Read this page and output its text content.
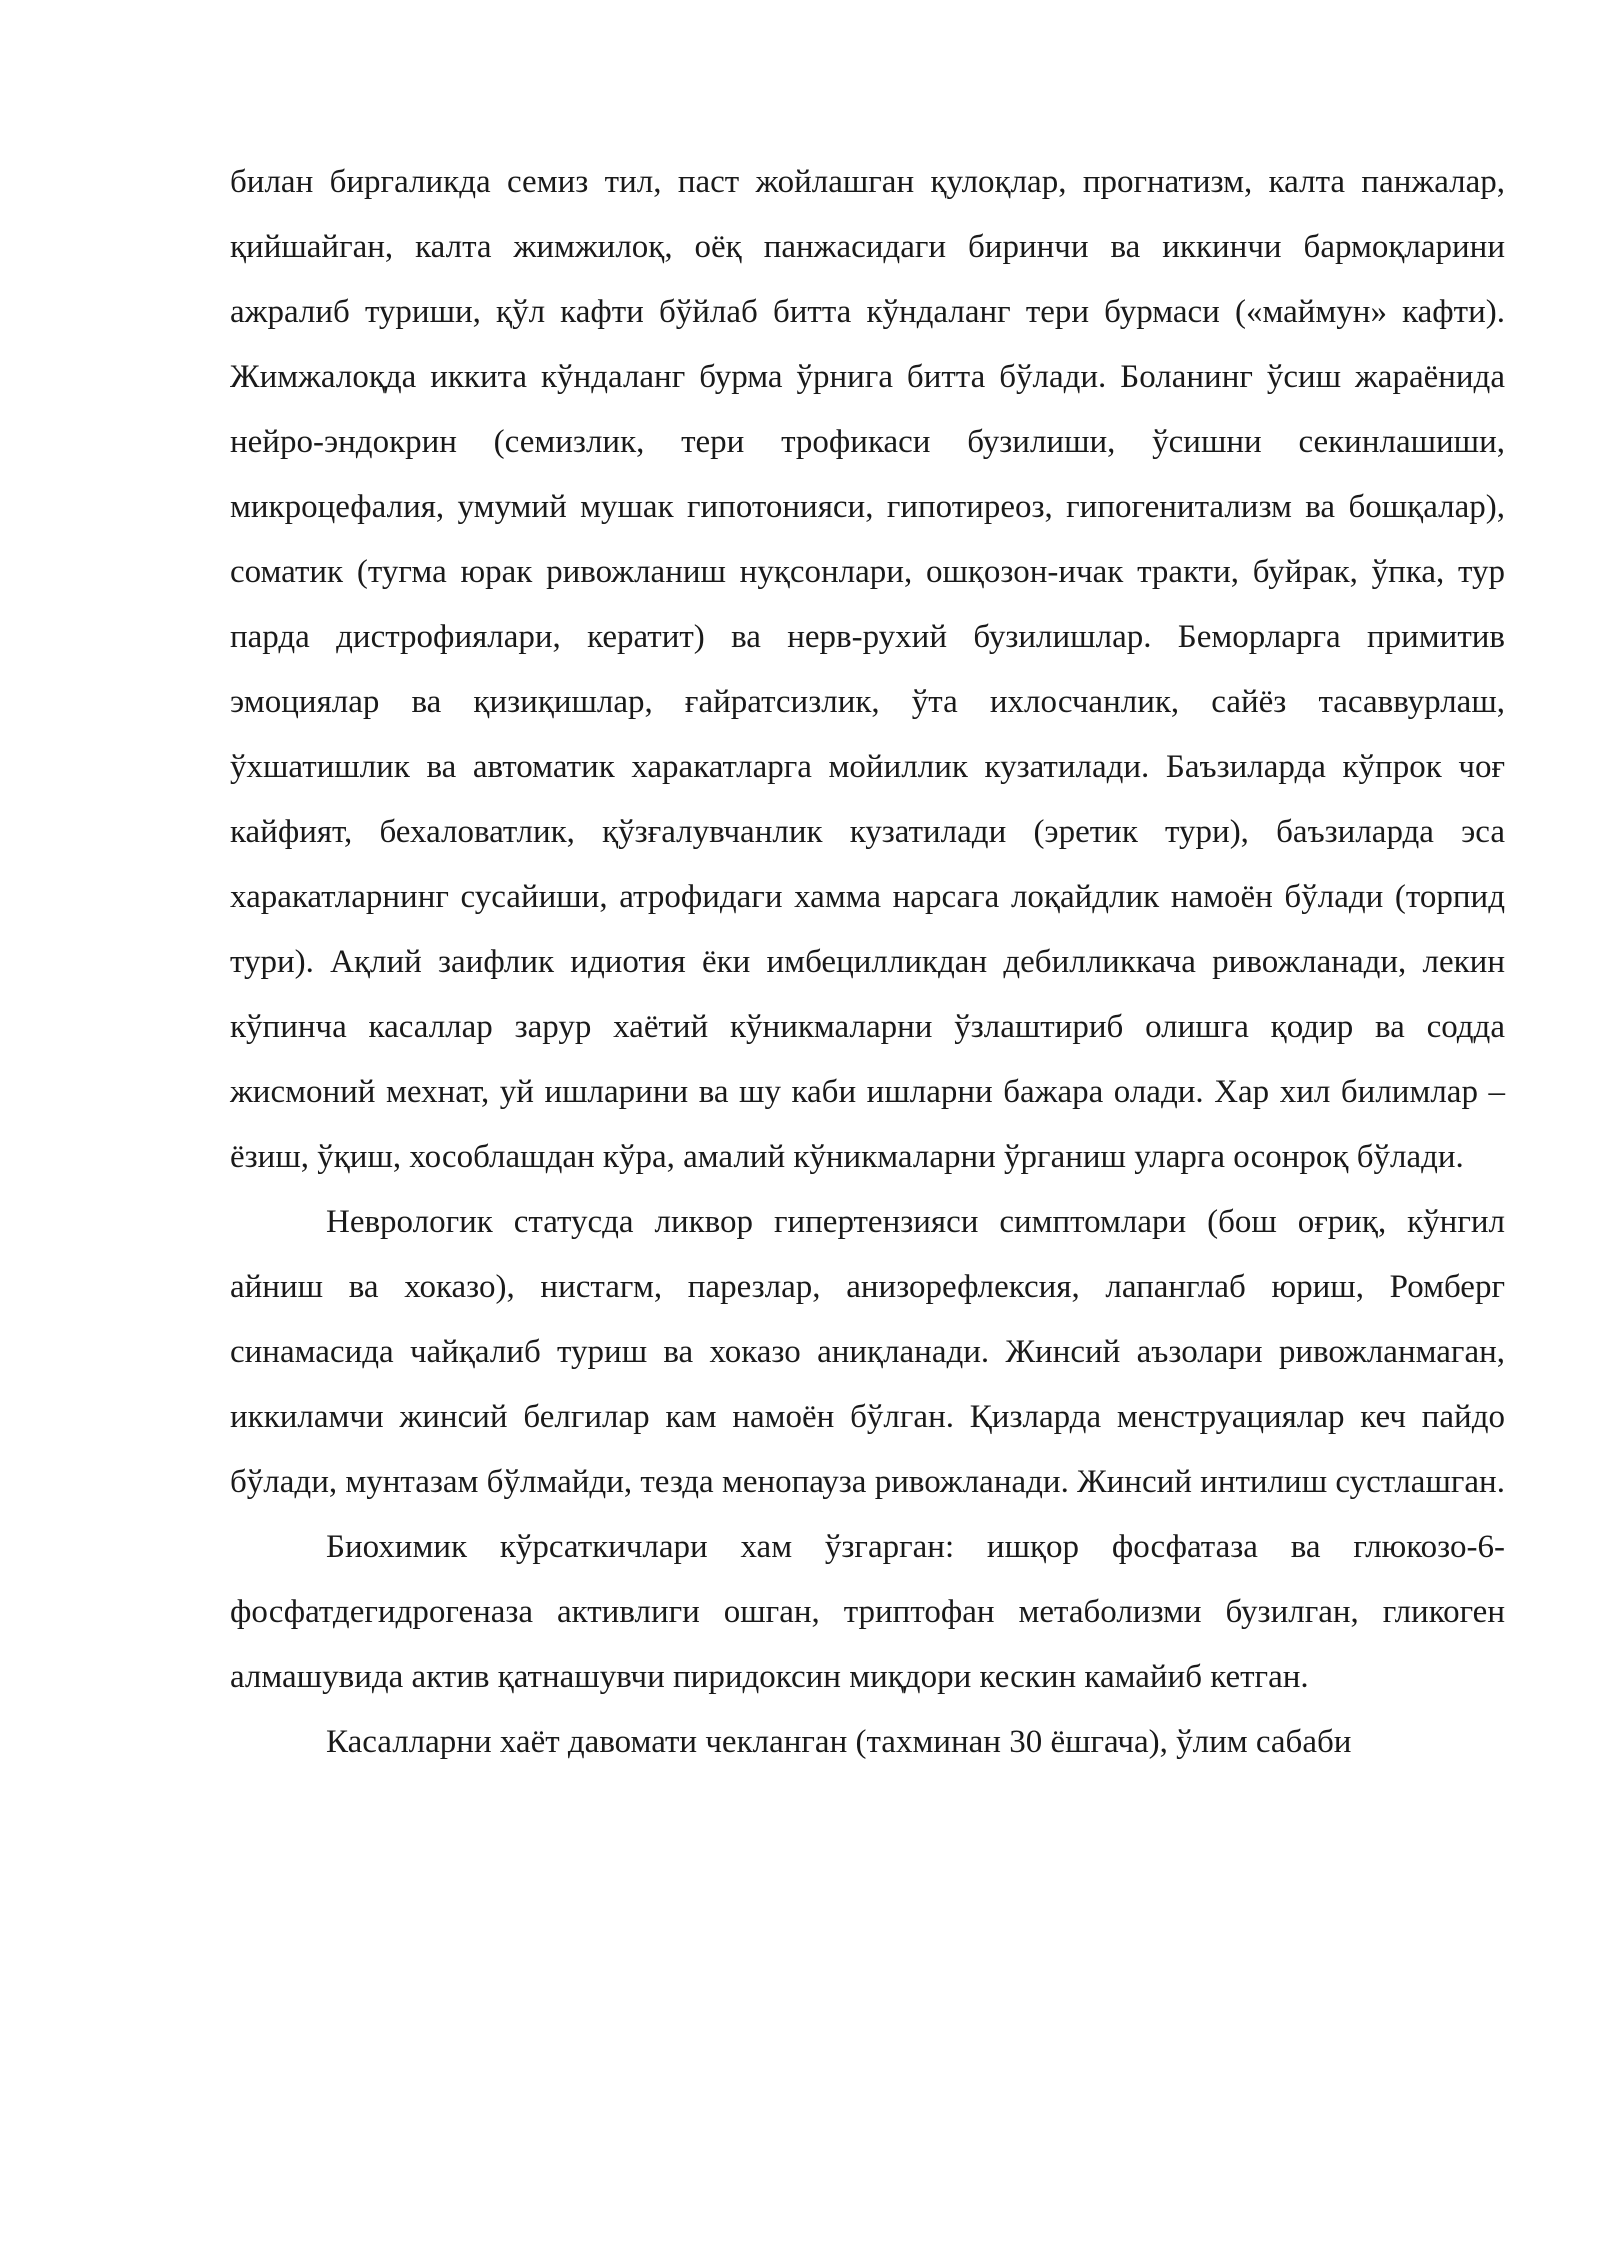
билан биргаликда семиз тил, паст жойлашган қулоқлар, прогнатизм, калта панжалар, қийшайган, калта жимжилоқ, оёқ панжасидаги биринчи ва иккинчи бармоқларини ажралиб туриши, қўл кафти бўйлаб битта кўндаланг тери бурмаси («маймун» кафти). Жимжалоқда иккита кўндаланг бурма ўрнига битта бўлади. Боланинг ўсиш жараёнида нейро-эндокрин (семизлик, тери трофикаси бузилиши, ўсишни секинлашиши, микроцефалия, умумий мушак гипотонияси, гипотиреоз, гипогенитализм ва бошқалар), соматик (тугма юрак ривожланиш нуқсонлари, ошқозон-ичак тракти, буйрак, ўпка, тур парда дистрофиялари, кератит) ва нерв-рухий бузилишлар. Беморларга примитив эмоциялар ва қизиқишлар, ғайратсизлик, ўта ихлосчанлик, сайёз тасаввурлаш, ўхшатишлик ва автоматик харакатларга мойиллик кузатилади. Баъзиларда кўпрок чоғ кайфият, бехаловатлик, қўзғалувчанлик кузатилади (эретик тури), баъзиларда эса харакатларнинг сусайиши, атрофидаги хамма нарсага лоқайдлик намоён бўлади (торпид тури). Ақлий заифлик идиотия ёки имбецилликдан дебилликкача ривожланади, лекин кўпинча касаллар зарур хаётий кўникмаларни ўзлаштириб олишга қодир ва содда жисмоний мехнат, уй ишларини ва шу каби ишларни бажара олади. Хар хил билимлар – ёзиш, ўқиш, хособлашдан кўра, амалий кўникмаларни ўрганиш уларга осонроқ бўлади.

Неврологик статусда ликвор гипертензияси симптомлари (бош оғриқ, кўнгил айниш ва хоказо), нистагм, парезлар, анизорефлексия, лапанглаб юриш, Ромберг синамасида чайқалиб туриш ва хоказо аниқланади. Жинсий аъзолари ривожланмаган, иккиламчи жинсий белгилар кам намоён бўлган. Қизларда менструациялар кеч пайдо бўлади, мунтазам бўлмайди, тезда менопауза ривожланади. Жинсий интилиш сустлашган.

Биохимик кўрсаткичлари хам ўзгарган: ишқор фосфатаза ва глюкозо-6-фосфатдегидрогеназа активлиги ошган, триптофан метаболизми бузилган, гликоген алмашувида актив қатнашувчи пиридоксин миқдори кескин камайиб кетган.

Касалларни хаёт давомати чекланган (тахминан 30 ёшгача), ўлим сабаби
